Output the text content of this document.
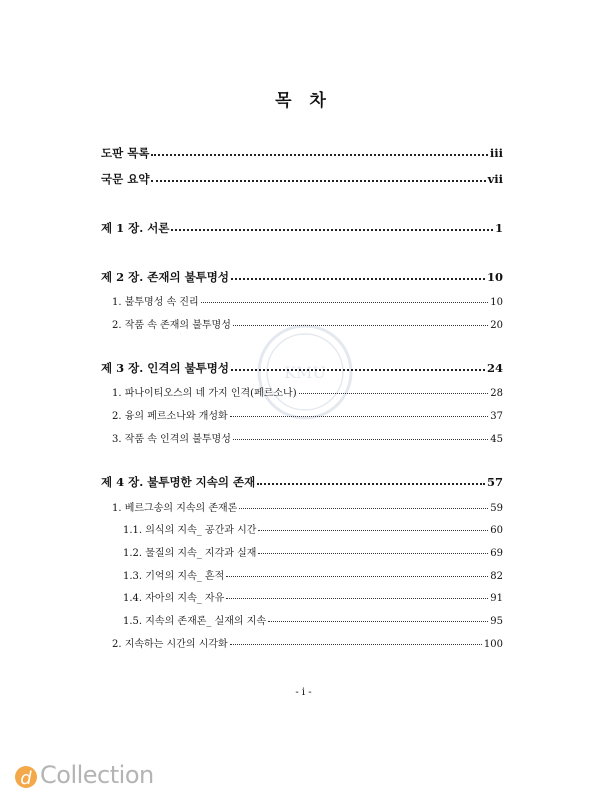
목 차
KMU
도판 목록	iii
국문 요약	vii
제 1 장. 서론	1
제 2 장. 존재의 불투명성	10
1. 불투명성 속 진리	10
2. 작품 속 존재의 불투명성	20
제 3 장. 인격의 불투명성	24
1. 파나이티오스의 네 가지 인격(페르소나)	28
2. 융의 페르소나와 개성화	37
3. 작품 속 인격의 불투명성	45
제 4 장. 불투명한 지속의 존재	57
1. 베르그송의 지속의 존재론	59
1.1. 의식의 지속_ 공간과 시간	60
1.2. 물질의 지속_ 지각과 실재	69
1.3. 기억의 지속_ 흔적	82
1.4. 자아의 지속_ 자유	91
1.5. 지속의 존재론_ 실재의 지속	95
2. 지속하는 시간의 시각화	100
- i -
d Collection
